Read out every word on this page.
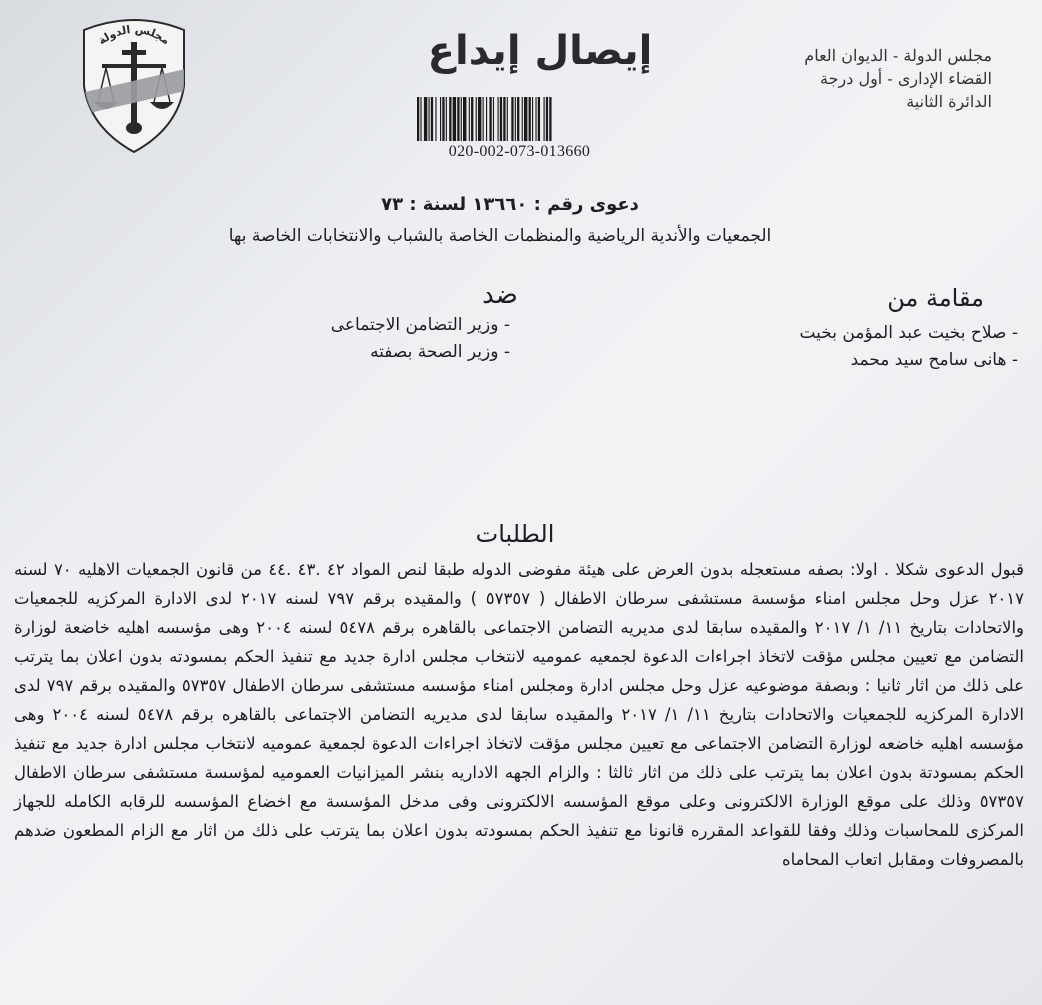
مجلس الدولة - الديوان العام
القضاء الإدارى - أول درجة
الدائرة الثانية
إيصال إيداع
020-002-073-013660
مجلس الدولة
دعوى رقم : ١٣٦٦٠ لسنة : ٧٣
الجمعيات والأندية الرياضية والمنظمات الخاصة بالشباب والانتخابات الخاصة بها
مقامة من
- صلاح بخيت عبد المؤمن بخيت
- هانى سامح سيد محمد
ضد
- وزير التضامن الاجتماعى
- وزير الصحة بصفته
الطلبات
قبول الدعوى شكلا . اولا: بصفه مستعجله بدون العرض على هيئة مفوضى الدوله طبقا لنص المواد ٤٢ .٤٣ .٤٤ من قانون الجمعيات الاهليه ٧٠ لسنه ٢٠١٧ عزل وحل مجلس امناء مؤسسة مستشفى سرطان الاطفال ( ٥٧٣٥٧ ) والمقيده برقم ٧٩٧ لسنه ٢٠١٧ لدى الادارة المركزيه للجمعيات والاتحادات بتاريخ ١١/ ١/ ٢٠١٧ والمقيده سابقا لدى مديريه التضامن الاجتماعى بالقاهره برقم ٥٤٧٨ لسنه ٢٠٠٤ وهى مؤسسه اهليه خاضعة لوزارة التضامن مع تعيين مجلس مؤقت لاتخاذ اجراءات الدعوة لجمعيه عموميه لانتخاب مجلس ادارة جديد مع تنفيذ الحكم بمسودته بدون اعلان بما يترتب على ذلك من اثار ثانيا : وبصفة موضوعيه عزل وحل مجلس ادارة ومجلس امناء مؤسسه مستشفى سرطان الاطفال ٥٧٣٥٧ والمقيده برقم ٧٩٧ لدى الادارة المركزيه للجمعيات والاتحادات بتاريخ ١١/ ١/ ٢٠١٧ والمقيده سابقا لدى مديريه التضامن الاجتماعى بالقاهره برقم ٥٤٧٨ لسنه ٢٠٠٤ وهى مؤسسه اهليه خاضعه لوزارة التضامن الاجتماعى مع تعيين مجلس مؤقت لاتخاذ اجراءات الدعوة لجمعية عموميه لانتخاب مجلس ادارة جديد مع تنفيذ الحكم بمسودتة بدون اعلان بما يترتب على ذلك من اثار ثالثا : والزام الجهه الاداريه بنشر الميزانيات العموميه لمؤسسة مستشفى سرطان الاطفال ٥٧٣٥٧ وذلك على موقع الوزارة الالكترونى وعلى موقع المؤسسه الالكترونى وفى مدخل المؤسسة مع اخضاع المؤسسه للرقابه الكامله للجهاز المركزى للمحاسبات وذلك وفقا للقواعد المقرره قانونا مع تنفيذ الحكم بمسودته بدون اعلان بما يترتب على ذلك من اثار مع الزام المطعون ضدهم بالمصروفات ومقابل اتعاب المحاماه
